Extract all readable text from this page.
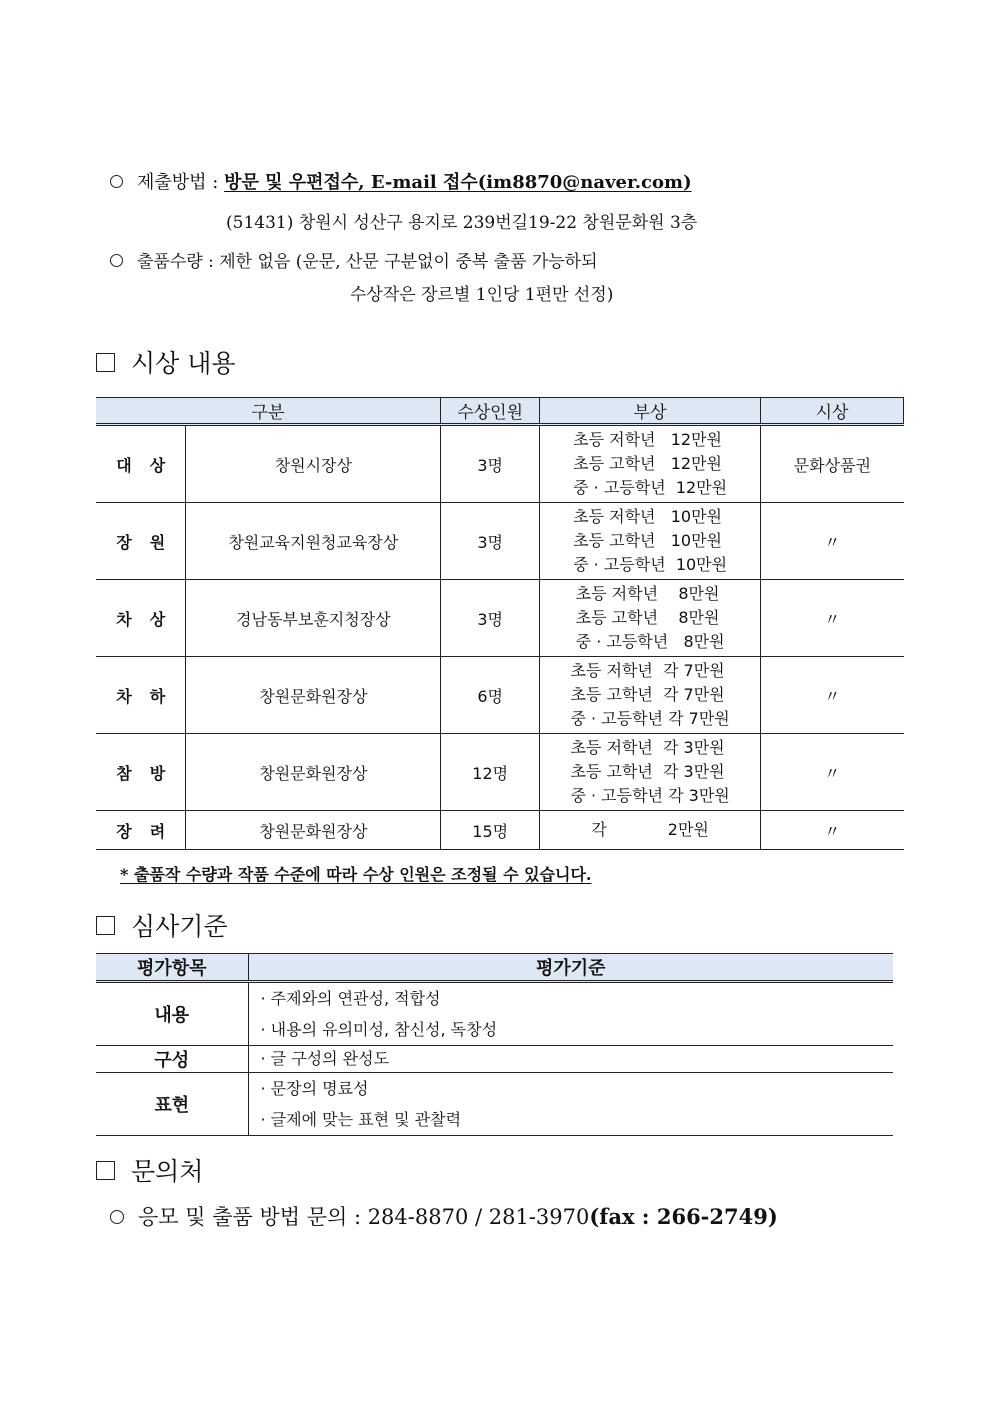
제출방법 : 방문 및 우편접수, E-mail 접수(im8870@naver.com)
(51431) 창원시 성산구 용지로 239번길19-22 창원문화원 3층
출품수량 : 제한 없음 (운문, 산문 구분없이 중복 출품 가능하되
수상작은 장르별 1인당 1편만 선정)
시상 내용
구분		수상인원	부상	시상
대상	창원시장상	3명	초등 저학년   12만원
초등 고학년   12만원
중 · 고등학년  12만원	문화상품권
장원	창원교육지원청교육장상	3명	초등 저학년   10만원
초등 고학년   10만원
중 · 고등학년  10만원	〃
차상	경남동부보훈지청장상	3명	초등 저학년    8만원
초등 고학년    8만원
중 · 고등학년   8만원	〃
차하	창원문화원장상	6명	초등 저학년  각 7만원
초등 고학년  각 7만원
중 · 고등학년 각 7만원	〃
참방	창원문화원장상	12명	초등 저학년  각 3만원
초등 고학년  각 3만원
중 · 고등학년 각 3만원	〃
장려	창원문화원장상	15명	각            2만원	〃
* 출품작 수량과 작품 수준에 따라 수상 인원은 조정될 수 있습니다.
심사기준
평가항목	평가기준
내용	· 주제와의 연관성, 적합성
· 내용의 유의미성, 참신성, 독창성

구성	· 글 구성의 완성도

표현	· 문장의 명료성
· 글제에 맞는 표현 및 관찰력
문의처
응모 및 출품 방법 문의 : 284-8870 / 281-3970(fax : 266-2749)
